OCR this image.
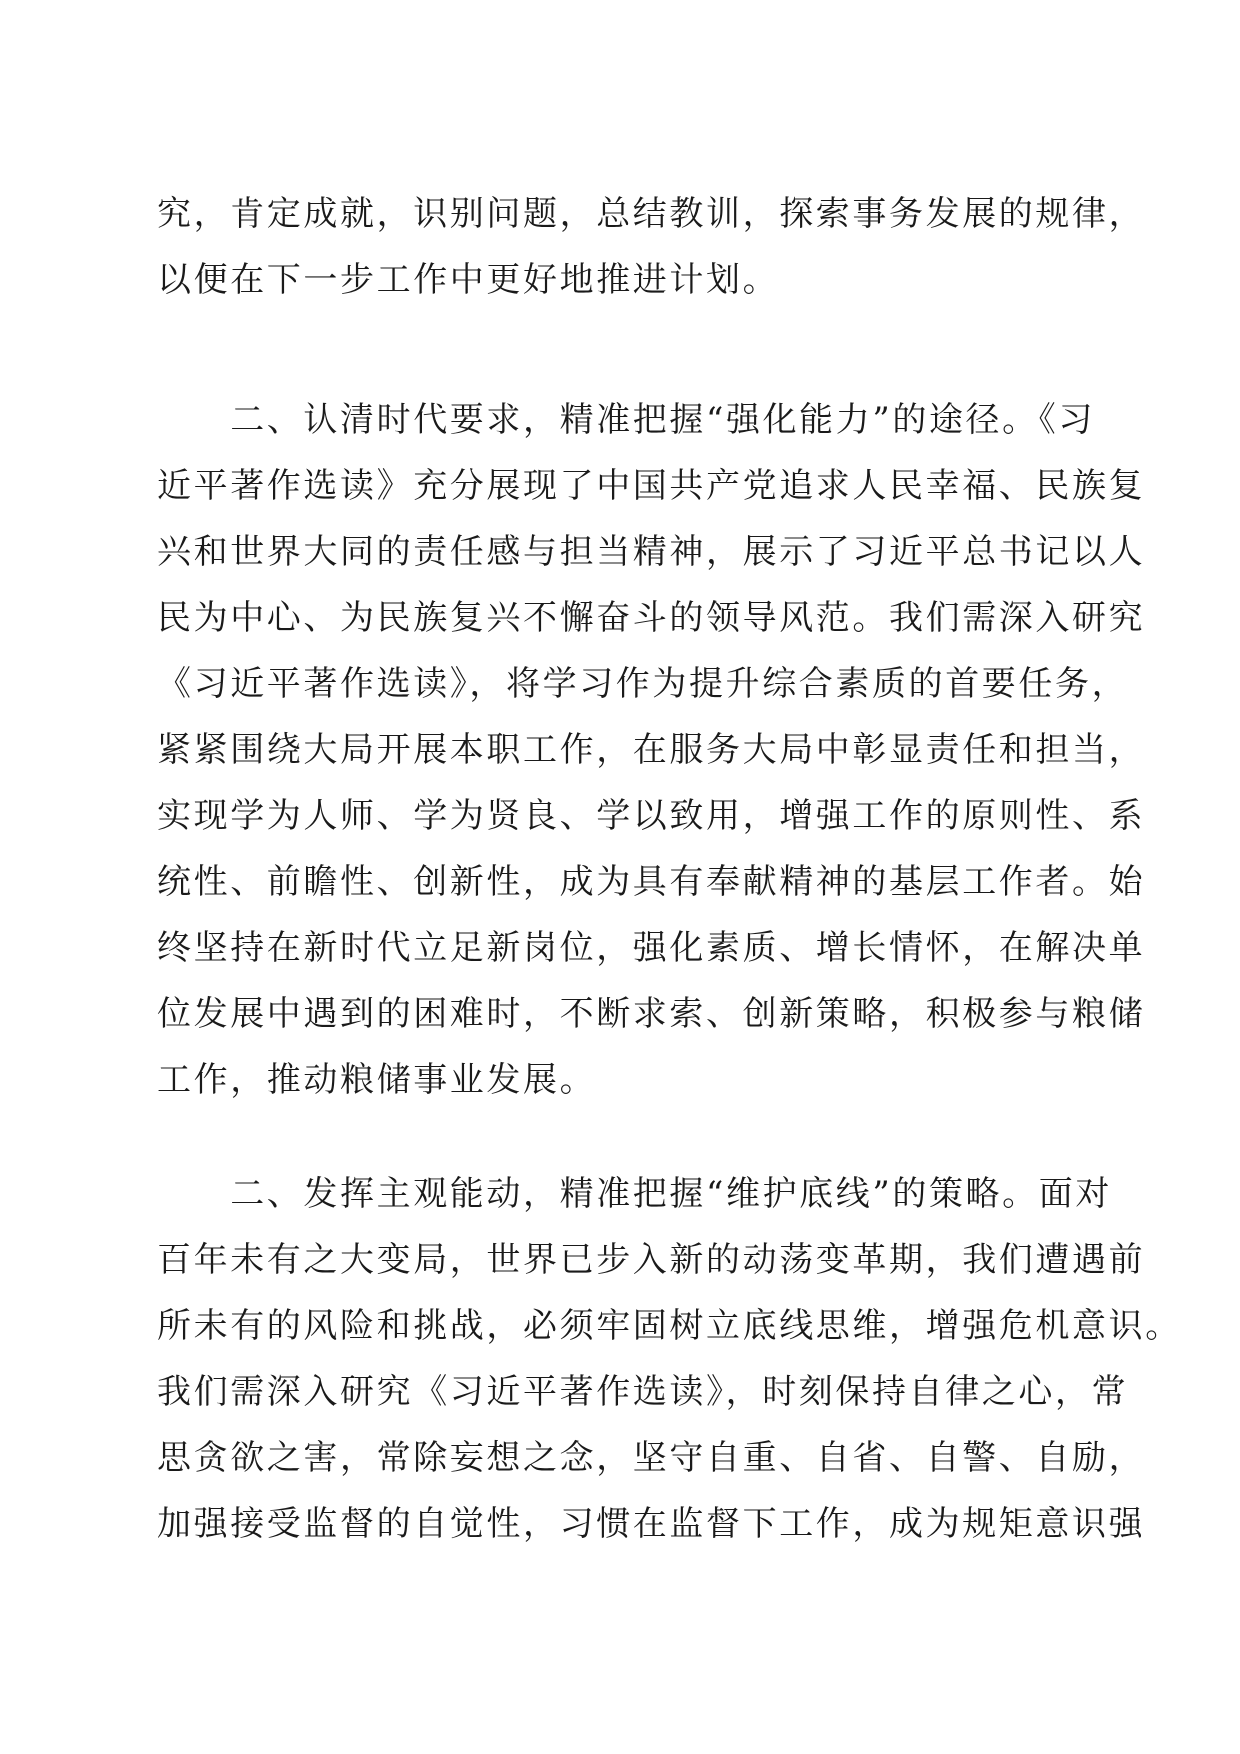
究，肯定成就，识别问题，总结教训，探索事务发展的规律，
以便在下一步工作中更好地推进计划。
　　二、认清时代要求，精准把握“强化能力”的途径。《习
近平著作选读》充分展现了中国共产党追求人民幸福、民族复
兴和世界大同的责任感与担当精神，展示了习近平总书记以人
民为中心、为民族复兴不懈奋斗的领导风范。我们需深入研究
《习近平著作选读》，将学习作为提升综合素质的首要任务，
紧紧围绕大局开展本职工作，在服务大局中彰显责任和担当，
实现学为人师、学为贤良、学以致用，增强工作的原则性、系
统性、前瞻性、创新性，成为具有奉献精神的基层工作者。始
终坚持在新时代立足新岗位，强化素质、增长情怀，在解决单
位发展中遇到的困难时，不断求索、创新策略，积极参与粮储
工作，推动粮储事业发展。
　　二、发挥主观能动，精准把握“维护底线”的策略。面对
百年未有之大变局，世界已步入新的动荡变革期，我们遭遇前
所未有的风险和挑战，必须牢固树立底线思维，增强危机意识。
我们需深入研究《习近平著作选读》，时刻保持自律之心，常
思贪欲之害，常除妄想之念，坚守自重、自省、自警、自励，
加强接受监督的自觉性，习惯在监督下工作，成为规矩意识强
